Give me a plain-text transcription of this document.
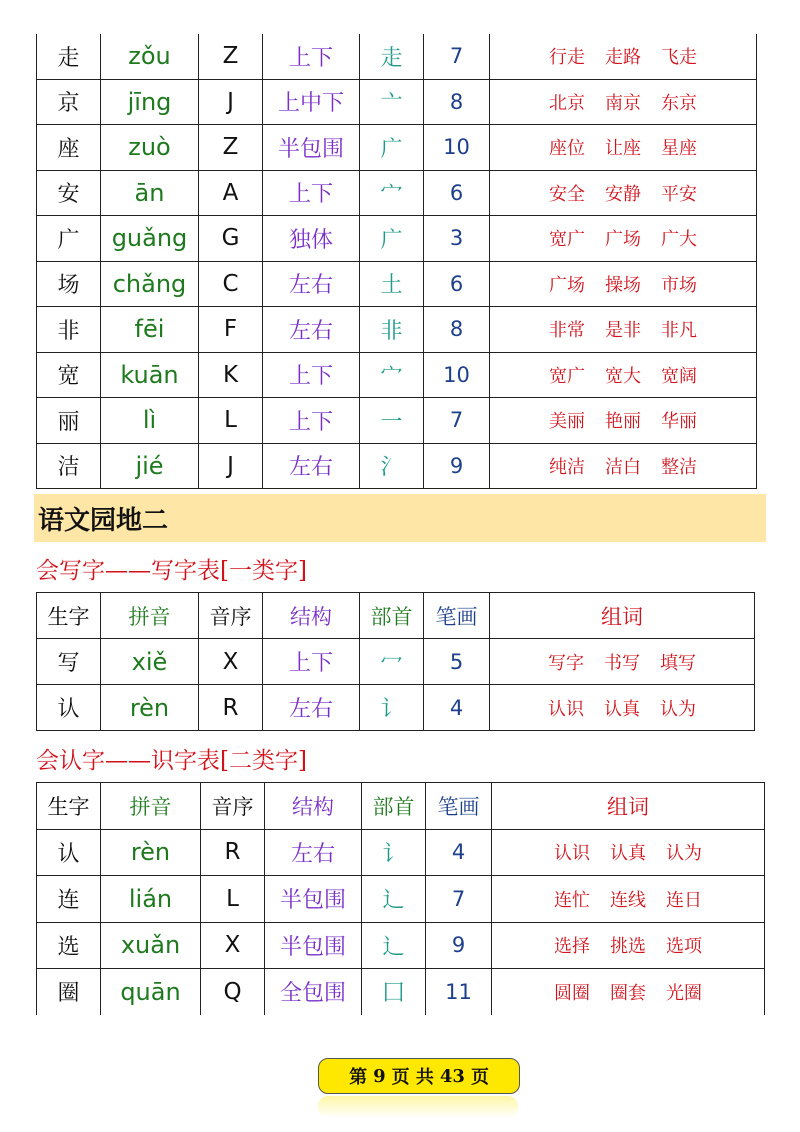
走	zǒu	Z	上下	走	7	行走 走路 飞走
京	jīng	J	上中下	亠	8	北京 南京 东京
座	zuò	Z	半包围	广	10	座位 让座 星座
安	ān	A	上下	宀	6	安全 安静 平安
广	guǎng	G	独体	广	3	宽广 广场 广大
场	chǎng	C	左右	土	6	广场 操场 市场
非	fēi	F	左右	非	8	非常 是非 非凡
宽	kuān	K	上下	宀	10	宽广 宽大 宽阔
丽	lì	L	上下	一	7	美丽 艳丽 华丽
洁	jié	J	左右	氵	9	纯洁 洁白 整洁
语文园地二
会写字——写字表[一类字]
生字	拼音	音序	结构	部首	笔画	组词
写	xiě	X	上下	冖	5	写字 书写 填写
认	rèn	R	左右	讠	4	认识 认真 认为
会认字——识字表[二类字]
生字	拼音	音序	结构	部首	笔画	组词
认	rèn	R	左右	讠	4	认识 认真 认为
连	lián	L	半包围	辶	7	连忙 连线 连日
选	xuǎn	X	半包围	辶	9	选择 挑选 选项
圈	quān	Q	全包围	囗	11	圆圈 圈套 光圈
第 9 页 共 43 页
